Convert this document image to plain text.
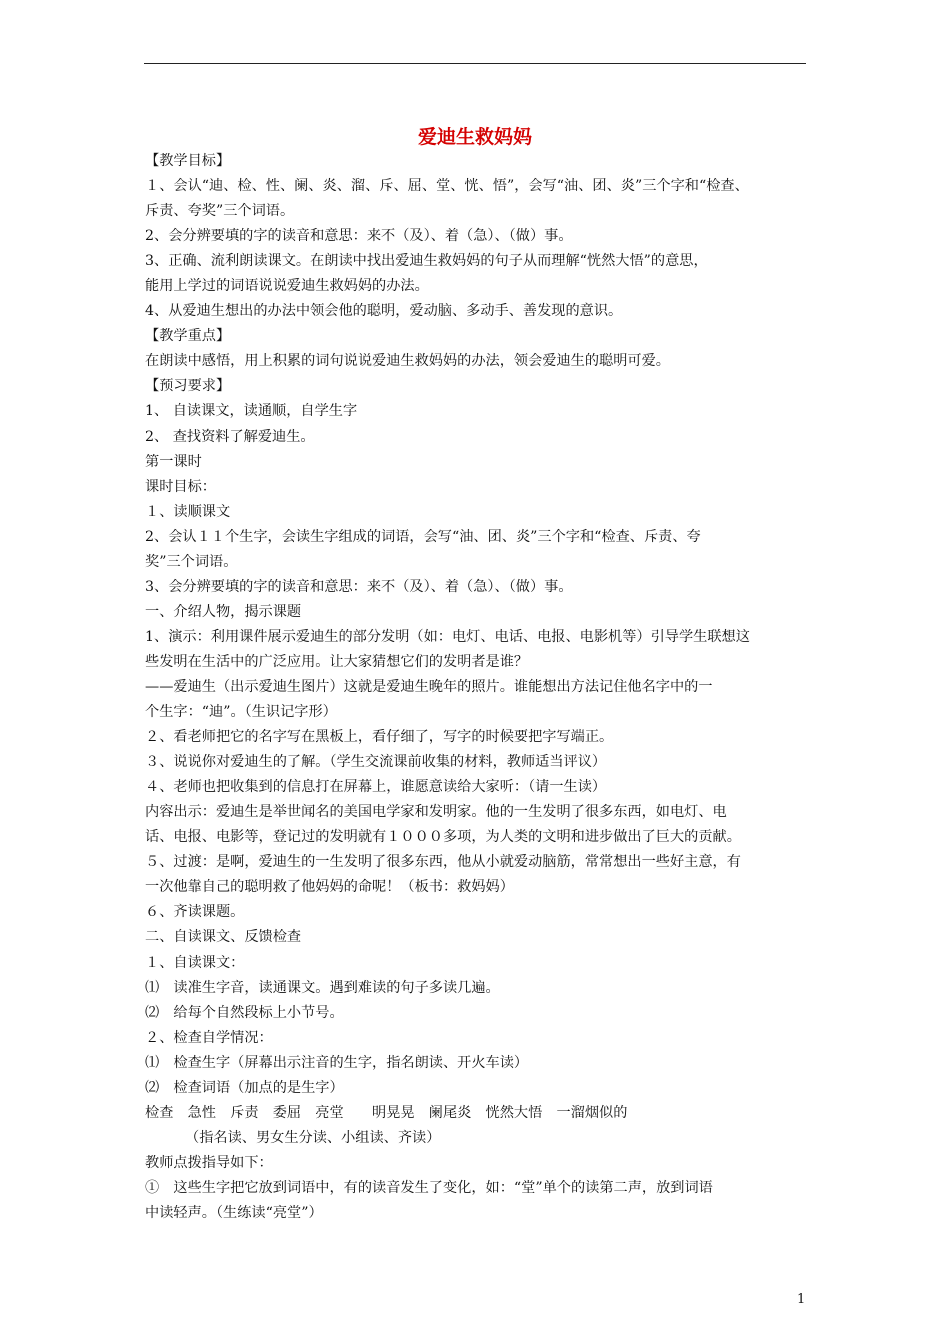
爱迪生救妈妈
【教学目标】
１、会认“迪、检、性、阑、炎、溜、斥、屈、堂、恍、悟”，会写“油、团、炎”三个字和“检查、
斥责、夸奖”三个词语。
2、会分辨要填的字的读音和意思：来不（及）、着（急）、（做）事。
3、正确、流利朗读课文。在朗读中找出爱迪生救妈妈的句子从而理解“恍然大悟”的意思，
能用上学过的词语说说爱迪生救妈妈的办法。
4、从爱迪生想出的办法中领会他的聪明，爱动脑、多动手、善发现的意识。
【教学重点】
在朗读中感悟，用上积累的词句说说爱迪生救妈妈的办法，领会爱迪生的聪明可爱。
【预习要求】
1、 自读课文，读通顺，自学生字
2、 查找资料了解爱迪生。
第一课时
课时目标：
１、读顺课文
2、会认１１个生字，会读生字组成的词语，会写“油、团、炎”三个字和“检查、斥责、夸
奖”三个词语。
3、会分辨要填的字的读音和意思：来不（及）、着（急）、（做）事。
一、介绍人物，揭示课题
1、演示：利用课件展示爱迪生的部分发明（如：电灯、电话、电报、电影机等）引导学生联想这
些发明在生活中的广泛应用。让大家猜想它们的发明者是谁？
——爱迪生（出示爱迪生图片）这就是爱迪生晚年的照片。谁能想出方法记住他名字中的一
个生字：“迪”。（生识记字形）
２、看老师把它的名字写在黑板上，看仔细了，写字的时候要把字写端正。
３、说说你对爱迪生的了解。（学生交流课前收集的材料，教师适当评议）
４、老师也把收集到的信息打在屏幕上，谁愿意读给大家听：（请一生读）
内容出示：爱迪生是举世闻名的美国电学家和发明家。他的一生发明了很多东西，如电灯、电
话、电报、电影等，登记过的发明就有１０００多项，为人类的文明和进步做出了巨大的贡献。
５、过渡：是啊，爱迪生的一生发明了很多东西，他从小就爱动脑筋，常常想出一些好主意，有
一次他靠自己的聪明救了他妈妈的命呢！（板书：救妈妈）
６、齐读课题。
二、自读课文、反馈检查
１、自读课文：
⑴　读准生字音，读通课文。遇到难读的句子多读几遍。
⑵　给每个自然段标上小节号。
２、检查自学情况：
⑴　检查生字（屏幕出示注音的生字，指名朗读、开火车读）
⑵　检查词语（加点的是生字）
检查　急性　斥责　委屈　亮堂　　明晃晃　阑尾炎　恍然大悟　一溜烟似的
（指名读、男女生分读、小组读、齐读）
教师点拨指导如下：
①　这些生字把它放到词语中，有的读音发生了变化，如：“堂”单个的读第二声，放到词语
中读轻声。（生练读“亮堂”）
1
